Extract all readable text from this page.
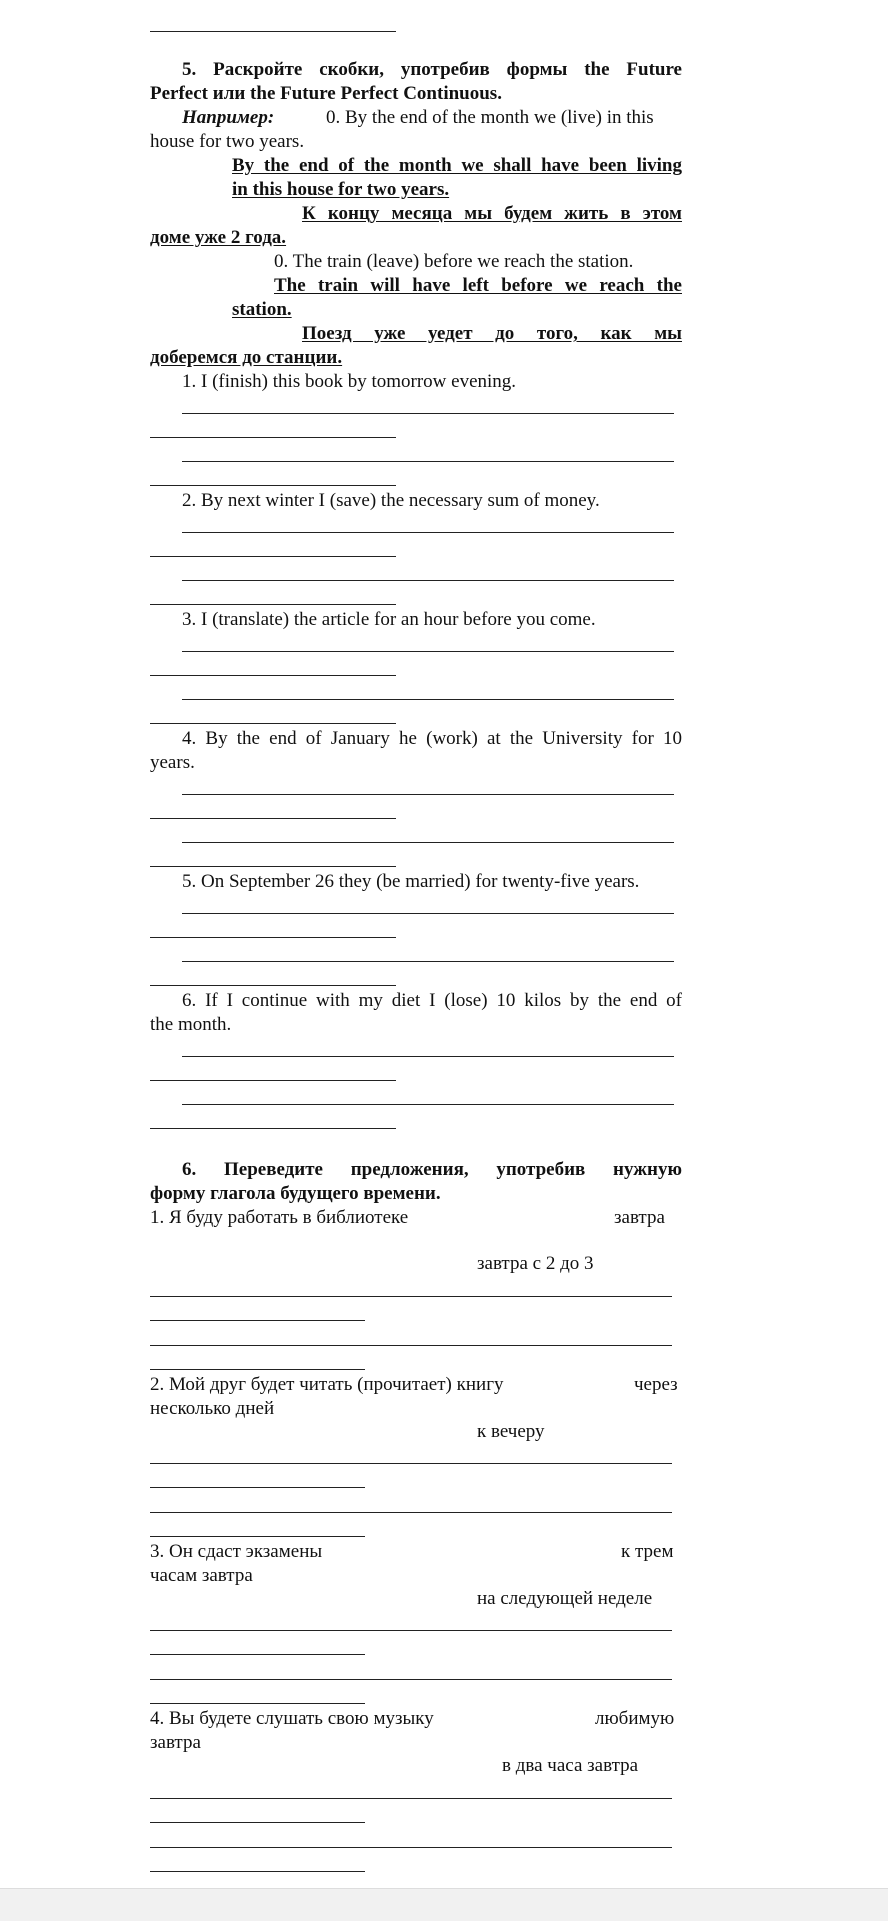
5. Раскройте скобки, употребив формы the Future
Perfect или the Future Perfect Continuous.
Например:	0. By the end of the month we (live) in this
house for two years.
By the end of the month we shall have been living
in this house for two years.
К концу месяца мы будем жить в этом
доме уже 2 года.
0. The train (leave) before we reach the station.
The train will have left before we reach the
station.
Поезд уже уедет до того, как мы
доберемся до станции.
1. I (finish) this book by tomorrow evening.
2. By next winter I (save) the necessary sum of money.
3. I (translate) the article for an hour before you come.
4. By the end of January he (work) at the University for 10
years.
5. On September 26 they (be married) for twenty-five years.
6. If I continue with my diet I (lose) 10 kilos by the end of
the month.
6. Переведите предложения, употребив нужную
форму глагола будущего времени.
1. Я буду работать в библиотеке	завтра
завтра с 2 до 3
2. Мой друг будет читать (прочитает) книгу	через
несколько дней
к вечеру
3. Он сдаст экзамены	к трем
часам завтра
на следующей неделе
4. Вы будете слушать свою музыку	любимую
завтра
в два часа завтра
